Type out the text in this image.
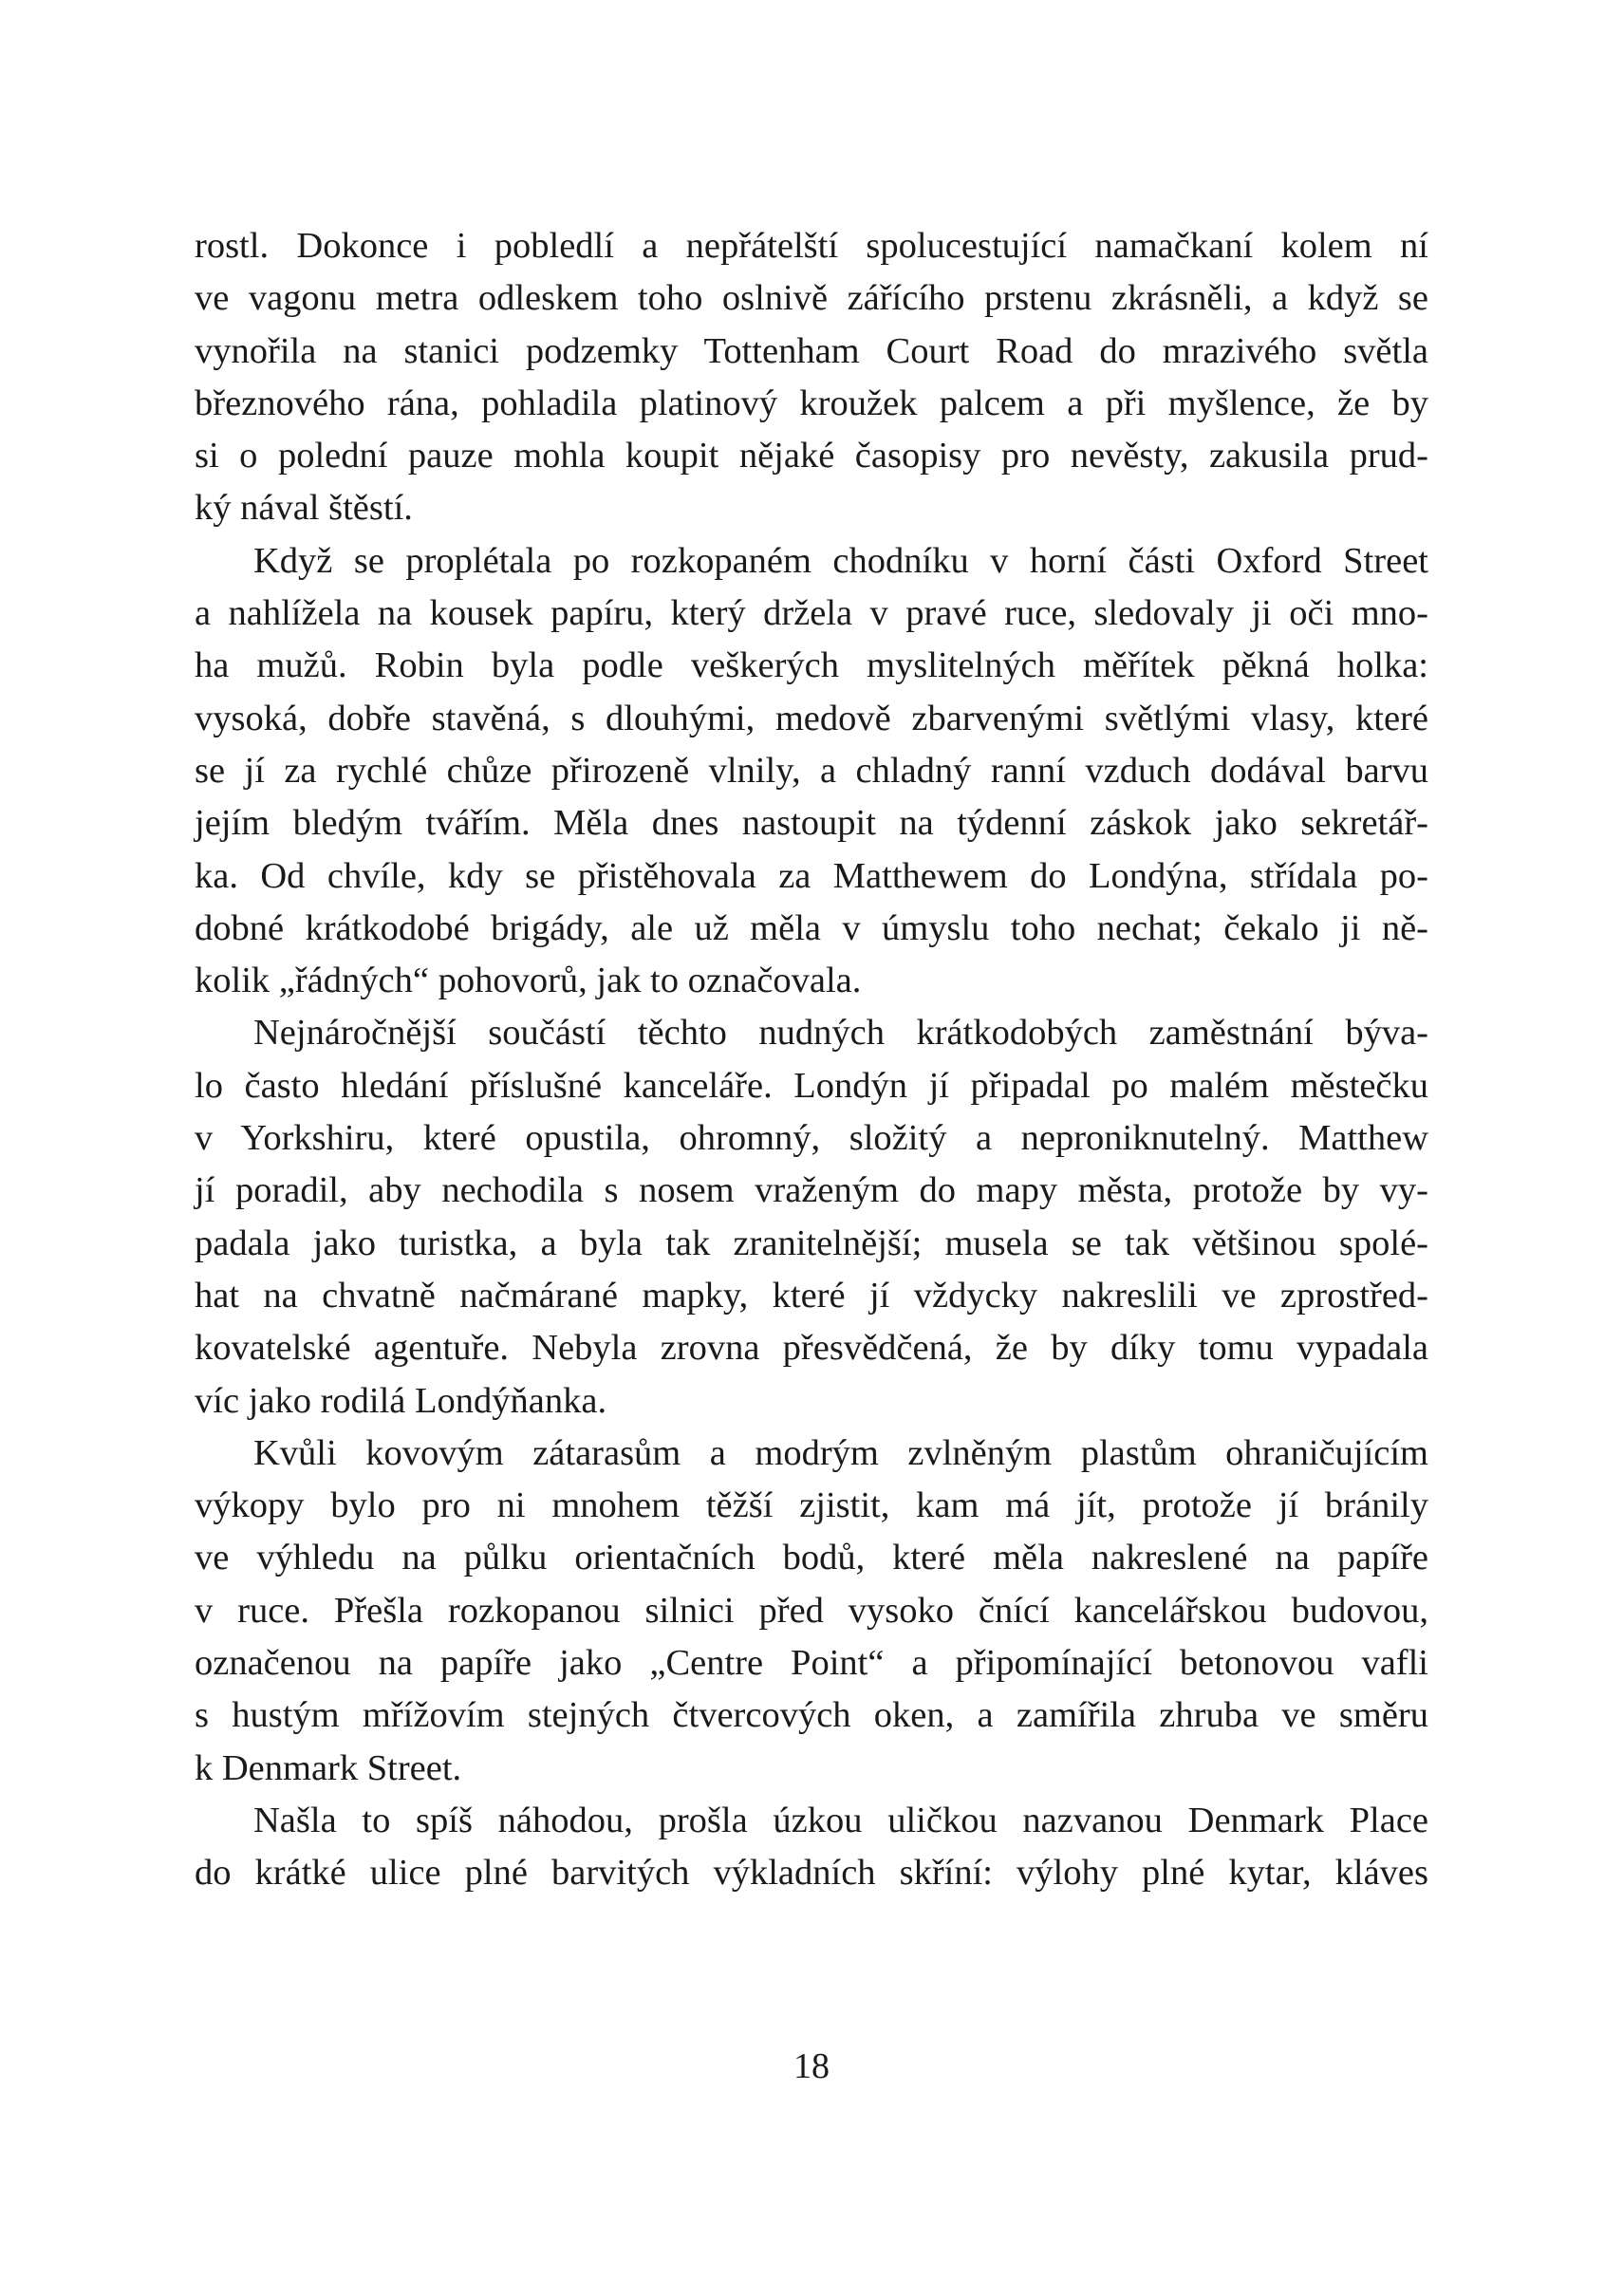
rostl. Dokonce i pobledlí a nepřátelští spolucestující namačkaní kolem ní
ve vagonu metra odleskem toho oslnivě zářícího prstenu zkrásněli, a když se
vynořila na stanici podzemky Tottenham Court Road do mrazivého světla
březnového rána, pohladila platinový kroužek palcem a při myšlence, že by
si o polední pauze mohla koupit nějaké časopisy pro nevěsty, zakusila prud-
ký nával štěstí.

Když se proplétala po rozkopaném chodníku v horní části Oxford Street
a nahlížela na kousek papíru, který držela v pravé ruce, sledovaly ji oči mno-
ha mužů. Robin byla podle veškerých myslitelných měřítek pěkná holka:
vysoká, dobře stavěná, s dlouhými, medově zbarvenými světlými vlasy, které
se jí za rychlé chůze přirozeně vlnily, a chladný ranní vzduch dodával barvu
jejím bledým tvářím. Měla dnes nastoupit na týdenní záskok jako sekretář-
ka. Od chvíle, kdy se přistěhovala za Matthewem do Londýna, střídala po-
dobné krátkodobé brigády, ale už měla v úmyslu toho nechat; čekalo ji ně-
kolik „řádných“ pohovorů, jak to označovala.

Nejnáročnější součástí těchto nudných krátkodobých zaměstnání býva-
lo často hledání příslušné kanceláře. Londýn jí připadal po malém městečku
v Yorkshiru, které opustila, ohromný, složitý a neproniknutelný. Matthew
jí poradil, aby nechodila s nosem vraženým do mapy města, protože by vy-
padala jako turistka, a byla tak zranitelnější; musela se tak většinou spolé-
hat na chvatně načmárané mapky, které jí vždycky nakreslili ve zprostřed-
kovatelské agentuře. Nebyla zrovna přesvědčená, že by díky tomu vypadala
víc jako rodilá Londýňanka.

Kvůli kovovým zátarasům a modrým zvlněným plastům ohraničujícím
výkopy bylo pro ni mnohem těžší zjistit, kam má jít, protože jí bránily
ve výhledu na půlku orientačních bodů, které měla nakreslené na papíře
v ruce. Přešla rozkopanou silnici před vysoko čnící kancelářskou budovou,
označenou na papíře jako „Centre Point“ a připomínající betonovou vafli
s hustým mřížovím stejných čtvercových oken, a zamířila zhruba ve směru
k Denmark Street.

Našla to spíš náhodou, prošla úzkou uličkou nazvanou Denmark Place
do krátké ulice plné barvitých výkladních skříní: výlohy plné kytar, kláves

18
